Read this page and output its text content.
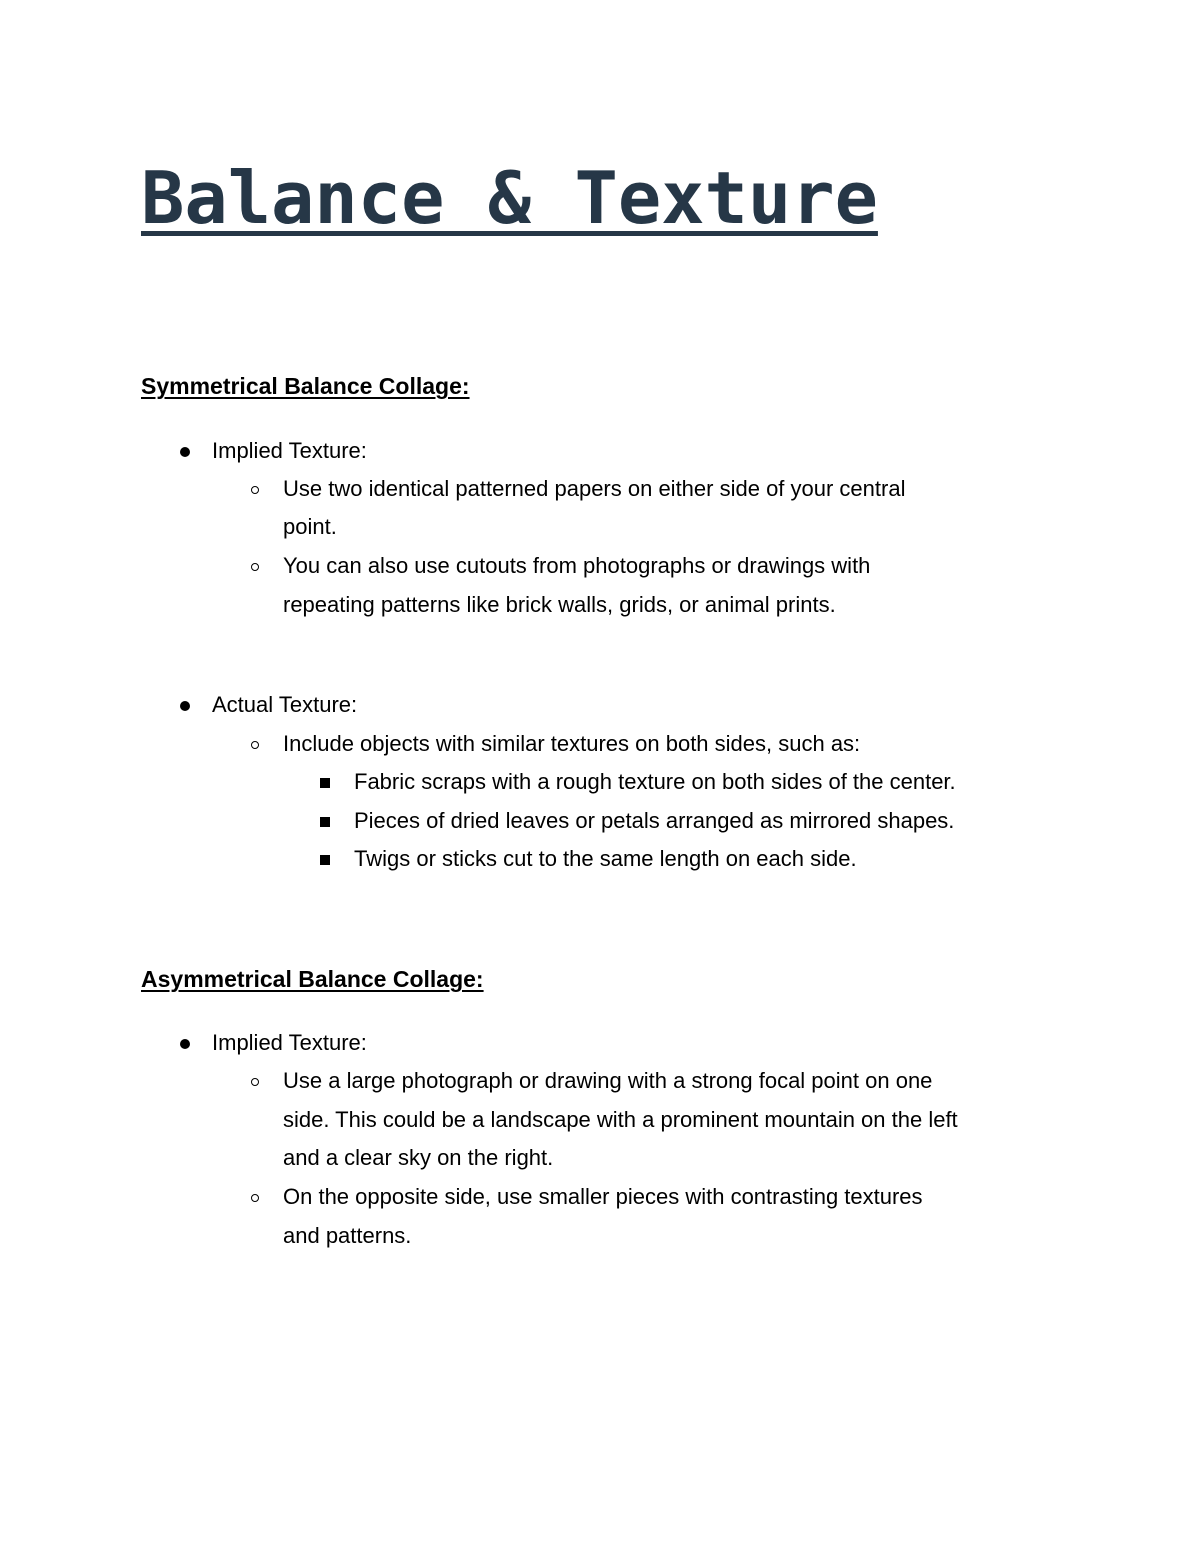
Balance & Texture
Symmetrical Balance Collage:
Implied Texture:
Use two identical patterned papers on either side of your central
point.
You can also use cutouts from photographs or drawings with
repeating patterns like brick walls, grids, or animal prints.
Actual Texture:
Include objects with similar textures on both sides, such as:
Fabric scraps with a rough texture on both sides of the center.
Pieces of dried leaves or petals arranged as mirrored shapes.
Twigs or sticks cut to the same length on each side.
Asymmetrical Balance Collage:
Implied Texture:
Use a large photograph or drawing with a strong focal point on one
side. This could be a landscape with a prominent mountain on the left
and a clear sky on the right.
On the opposite side, use smaller pieces with contrasting textures
and patterns.
